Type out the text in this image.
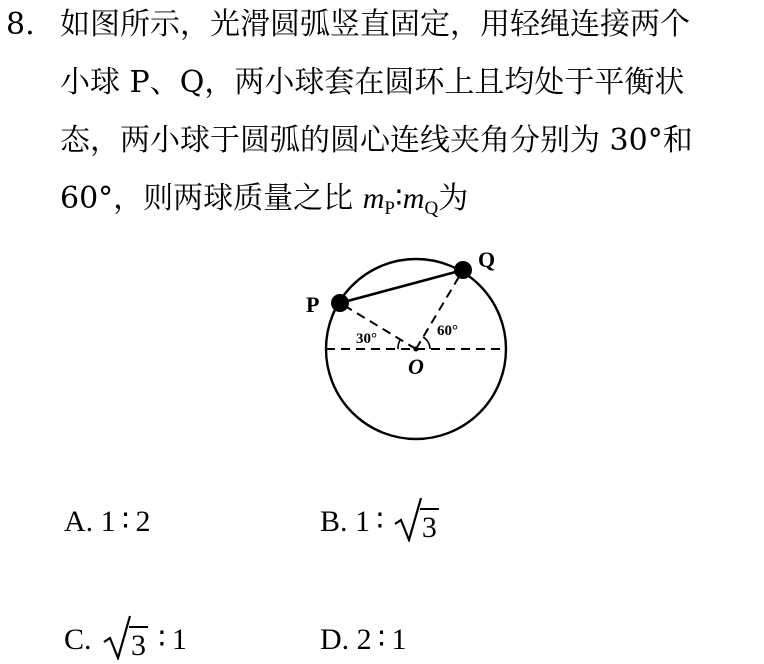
8. 如图所示，光滑圆弧竖直固定，用轻绳连接两个
小球 P、Q，两小球套在圆环上且均处于平衡状
态，两小球于圆弧的圆心连线夹角分别为 30°和
60°，则两球质量之比 $m_P∶m_Q$为
P
Q
O
30°	60°
A. 1 ∶ 2	B. 1 ∶ 3
C. 3 ∶ 1	D. 2 ∶ 1
